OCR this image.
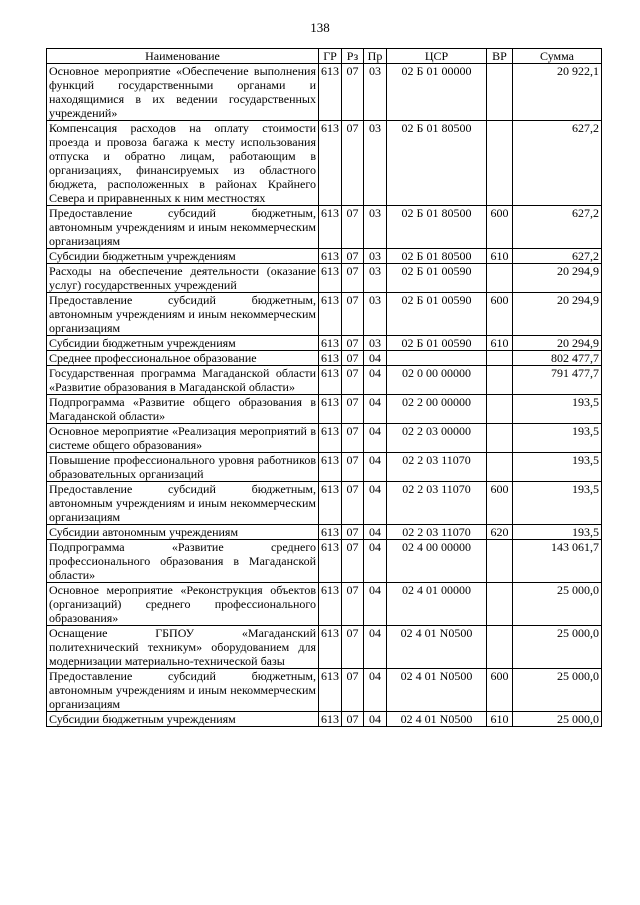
138
Наименование	ГР	Рз	Пр	ЦСР	ВР	Сумма
Основное мероприятие «Обеспечение выполнения функций государственными органами и находящимися в их ведении государственных учреждений»	613	07	03	02 Б 01 00000		20 922,1
Компенсация расходов на оплату стоимости проезда и провоза багажа к месту использования отпуска и обратно лицам, работающим в организациях, финансируемых из областного бюджета, расположенных в районах Крайнего Севера и приравненных к ним местностях	613	07	03	02 Б 01 80500		627,2
Предоставление субсидий бюджетным, автономным учреждениям и иным некоммерческим организациям	613	07	03	02 Б 01 80500	600	627,2
Субсидии бюджетным учреждениям	613	07	03	02 Б 01 80500	610	627,2
Расходы на обеспечение деятельности (оказание услуг) государственных учреждений	613	07	03	02 Б 01 00590		20 294,9
Предоставление субсидий бюджетным, автономным учреждениям и иным некоммерческим организациям	613	07	03	02 Б 01 00590	600	20 294,9
Субсидии бюджетным учреждениям	613	07	03	02 Б 01 00590	610	20 294,9
Среднее профессиональное образование	613	07	04			802 477,7
Государственная программа Магаданской области «Развитие образования в Магаданской области»	613	07	04	02 0 00 00000		791 477,7
Подпрограмма «Развитие общего образования в Магаданской области»	613	07	04	02 2 00 00000		193,5
Основное мероприятие «Реализация мероприятий в системе общего образования»	613	07	04	02 2 03 00000		193,5
Повышение профессионального уровня работников образовательных организаций	613	07	04	02 2 03 11070		193,5
Предоставление субсидий бюджетным, автономным учреждениям и иным некоммерческим организациям	613	07	04	02 2 03 11070	600	193,5
Субсидии автономным учреждениям	613	07	04	02 2 03 11070	620	193,5
Подпрограмма «Развитие среднего профессионального образования в Магаданской области»	613	07	04	02 4 00 00000		143 061,7
Основное мероприятие «Реконструкция объектов (организаций) среднего профессионального образования»	613	07	04	02 4 01 00000		25 000,0
Оснащение ГБПОУ «Магаданский политехнический техникум» оборудованием для модернизации материально-технической базы	613	07	04	02 4 01 N0500		25 000,0
Предоставление субсидий бюджетным, автономным учреждениям и иным некоммерческим организациям	613	07	04	02 4 01 N0500	600	25 000,0
Субсидии бюджетным учреждениям	613	07	04	02 4 01 N0500	610	25 000,0
